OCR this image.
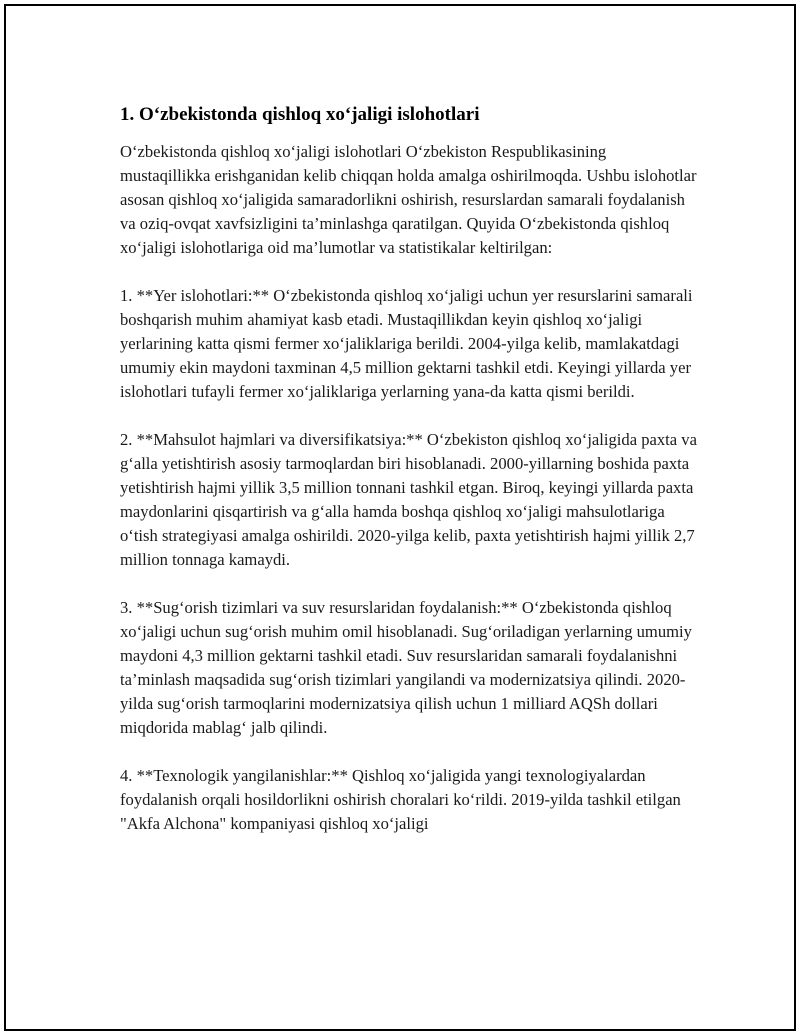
1. O‘zbekistonda qishloq xo‘jaligi islohotlari

O‘zbekistonda qishloq xo‘jaligi islohotlari O‘zbekiston Respublikasining mustaqillikka erishganidan kelib chiqqan holda amalga oshirilmoqda. Ushbu islohotlar asosan qishloq xo‘jaligida samaradorlikni oshirish, resurslardan samarali foydalanish va oziq-ovqat xavfsizligini ta’minlashga qaratilgan. Quyida O‘zbekistonda qishloq xo‘jaligi islohotlariga oid ma’lumotlar va statistikalar keltirilgan:

1. **Yer islohotlari:** O‘zbekistonda qishloq xo‘jaligi uchun yer resurslarini samarali boshqarish muhim ahamiyat kasb etadi. Mustaqillikdan keyin qishloq xo‘jaligi yerlarining katta qismi fermer xo‘jaliklariga berildi. 2004-yilga kelib, mamlakatdagi umumiy ekin maydoni taxminan 4,5 million gektarni tashkil etdi. Keyingi yillarda yer islohotlari tufayli fermer xo‘jaliklariga yerlarning yana-da katta qismi berildi.

2. **Mahsulot hajmlari va diversifikatsiya:** O‘zbekiston qishloq xo‘jaligida paxta va g‘alla yetishtirish asosiy tarmoqlardan biri hisoblanadi. 2000-yillarning boshida paxta yetishtirish hajmi yillik 3,5 million tonnani tashkil etgan. Biroq, keyingi yillarda paxta maydonlarini qisqartirish va g‘alla hamda boshqa qishloq xo‘jaligi mahsulotlariga o‘tish strategiyasi amalga oshirildi. 2020-yilga kelib, paxta yetishtirish hajmi yillik 2,7 million tonnaga kamaydi.

3. **Sug‘orish tizimlari va suv resurslaridan foydalanish:** O‘zbekistonda qishloq xo‘jaligi uchun sug‘orish muhim omil hisoblanadi. Sug‘oriladigan yerlarning umumiy maydoni 4,3 million gektarni tashkil etadi. Suv resurslaridan samarali foydalanishni ta’minlash maqsadida sug‘orish tizimlari yangilandi va modernizatsiya qilindi. 2020-yilda sug‘orish tarmoqlarini modernizatsiya qilish uchun 1 milliard AQSh dollari miqdorida mablag‘ jalb qilindi.

4. **Texnologik yangilanishlar:** Qishloq xo‘jaligida yangi texnologiyalardan foydalanish orqali hosildorlikni oshirish choralari ko‘rildi. 2019-yilda tashkil etilgan "Akfa Alchona" kompaniyasi qishloq xo‘jaligi
